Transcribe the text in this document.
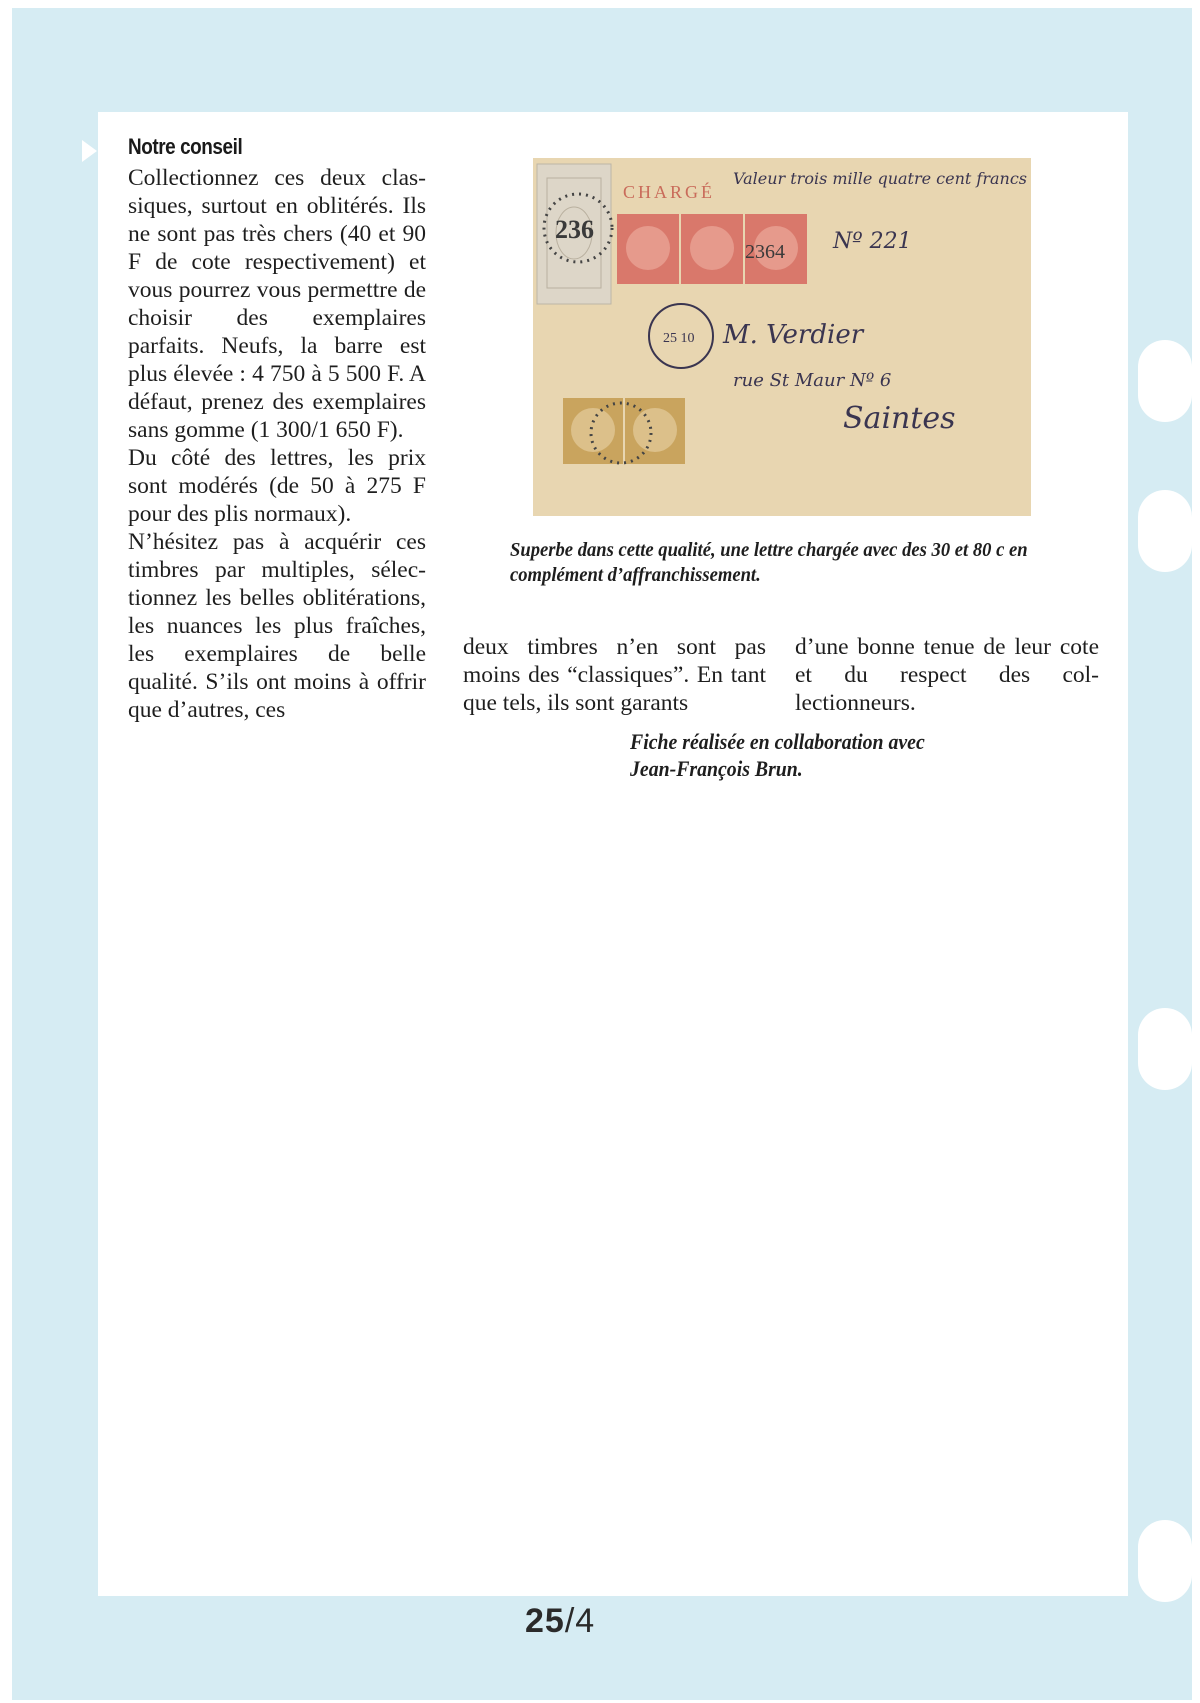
Notre conseil

Collectionnez ces deux classiques, surtout en oblitérés. Ils ne sont pas très chers (40 et 90 F de cote respectivement) et vous pourrez vous permettre de choisir des exemplaires parfaits. Neufs, la barre est plus élevée : 4 750 à 5 500 F. A défaut, prenez des exemplaires sans gomme (1 300/1 650 F).

Du côté des lettres, les prix sont modérés (de 50 à 275 F pour des plis normaux).

N’hésitez pas à acquérir ces timbres par multiples, sélectionnez les belles oblitérations, les nuances les plus fraîches, les exemplaires de belle qualité. S’ils ont moins à offrir que d’autres, ces

236
CHARGÉ
2364
Valeur trois mille quatre cent francs
Nº 221
M. Verdier
rue St Maur Nº 6
Saintes
25 10
Superbe dans cette qualité, une lettre chargée avec des 30 et 80 c en complément d’affranchissement.
deux timbres n’en sont pas moins des “classiques”. En tant que tels, ils sont garants
d’une bonne tenue de leur cote et du respect des collectionneurs.
Fiche réalisée en collaboration avec Jean-François Brun.
25/4
